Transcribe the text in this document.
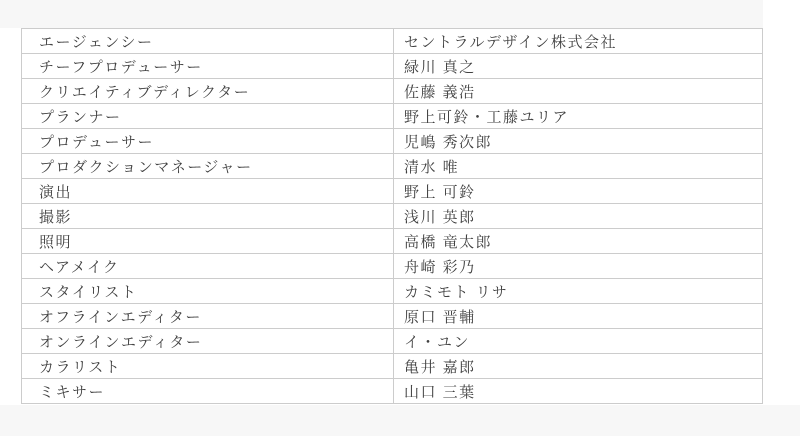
エージェンシー	セントラルデザイン株式会社
チーフプロデューサー	緑川 真之
クリエイティブディレクター	佐藤 義浩
プランナー	野上可鈴・工藤ユリア
プロデューサー	児嶋 秀次郎
プロダクションマネージャー	清水 唯
演出	野上 可鈴
撮影	浅川 英郎
照明	高橋 竜太郎
ヘアメイク	舟崎 彩乃
スタイリスト	カミモト リサ
オフラインエディター	原口 晋輔
オンラインエディター	イ・ユン
カラリスト	亀井 嘉郎
ミキサー	山口 三葉
